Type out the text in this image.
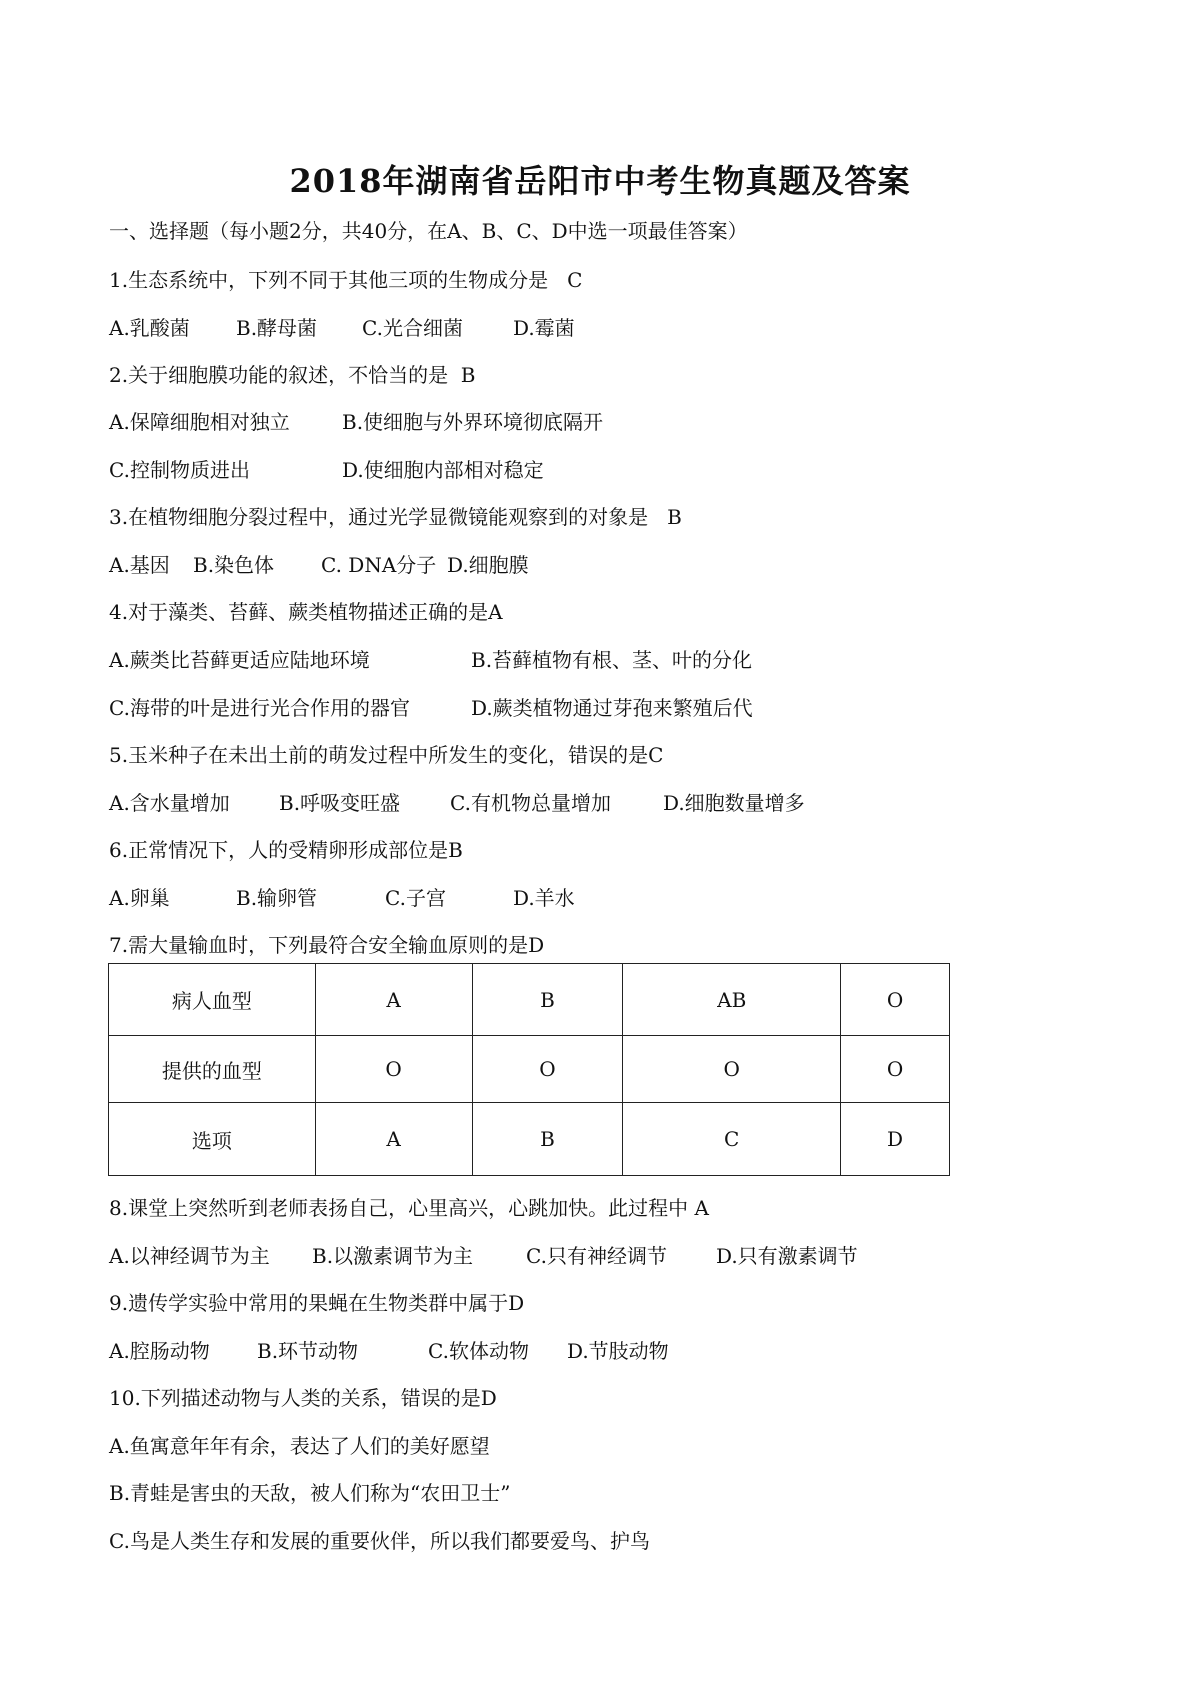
2018年湖南省岳阳市中考生物真题及答案
一、选择题（每小题2分，共40分，在A、B、C、D中选一项最佳答案）
1.生态系统中，下列不同于其他三项的生物成分是   C
A.乳酸菌 B.酵母菌 C.光合细菌	D.霉菌
2.关于细胞膜功能的叙述，不恰当的是  B
A.保障细胞相对独立	B.使细胞与外界环境彻底隔开
C.控制物质进出	D.使细胞内部相对稳定
3.在植物细胞分裂过程中，通过光学显微镜能观察到的对象是   B
A.基因 B.染色体 C. DNA分子 D.细胞膜
4.对于藻类、苔藓、蕨类植物描述正确的是A
A.蕨类比苔藓更适应陆地环境	B.苔藓植物有根、茎、叶的分化
C.海带的叶是进行光合作用的器官	D.蕨类植物通过芽孢来繁殖后代
5.玉米种子在未出土前的萌发过程中所发生的变化，错误的是C
A.含水量增加 B.呼吸变旺盛 C.有机物总量增加	D.细胞数量增多
6.正常情况下，人的受精卵形成部位是B
A.卵巢	B.输卵管	C.子宫	D.羊水
7.需大量输血时，下列最符合安全输血原则的是D
病人血型	A	B	AB	O
提供的血型	O	O	O	O
选项	A	B	C	D
8.课堂上突然听到老师表扬自己，心里高兴，心跳加快。此过程中 A
A.以神经调节为主 B.以激素调节为主	C.只有神经调节 D.只有激素调节
9.遗传学实验中常用的果蝇在生物类群中属于D
A.腔肠动物 B.环节动物	C.软体动物 D.节肢动物
10.下列描述动物与人类的关系，错误的是D
A.鱼寓意年年有余，表达了人们的美好愿望
B.青蛙是害虫的天敌，被人们称为“农田卫士”
C.鸟是人类生存和发展的重要伙伴，所以我们都要爱鸟、护鸟
